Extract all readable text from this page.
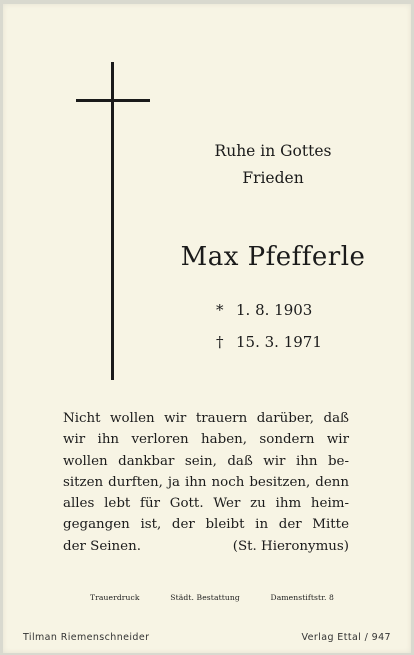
Ruhe in Gottes
Frieden
Max Pfefferle
* 1. 8. 1903
† 15. 3. 1971
Nicht wollen wir trauern darüber, daß
wir ihn verloren haben, sondern wir
wollen dankbar sein, daß wir ihn be-
sitzen durften, ja ihn noch besitzen, denn
alles lebt für Gott. Wer zu ihm heim-
gegangen ist, der bleibt in der Mitte
der Seinen.	(St. Hieronymus)
Trauerdruck	Städt. Bestattung	Damenstiftstr. 8
Tilman Riemenschneider	Verlag Ettal / 947
